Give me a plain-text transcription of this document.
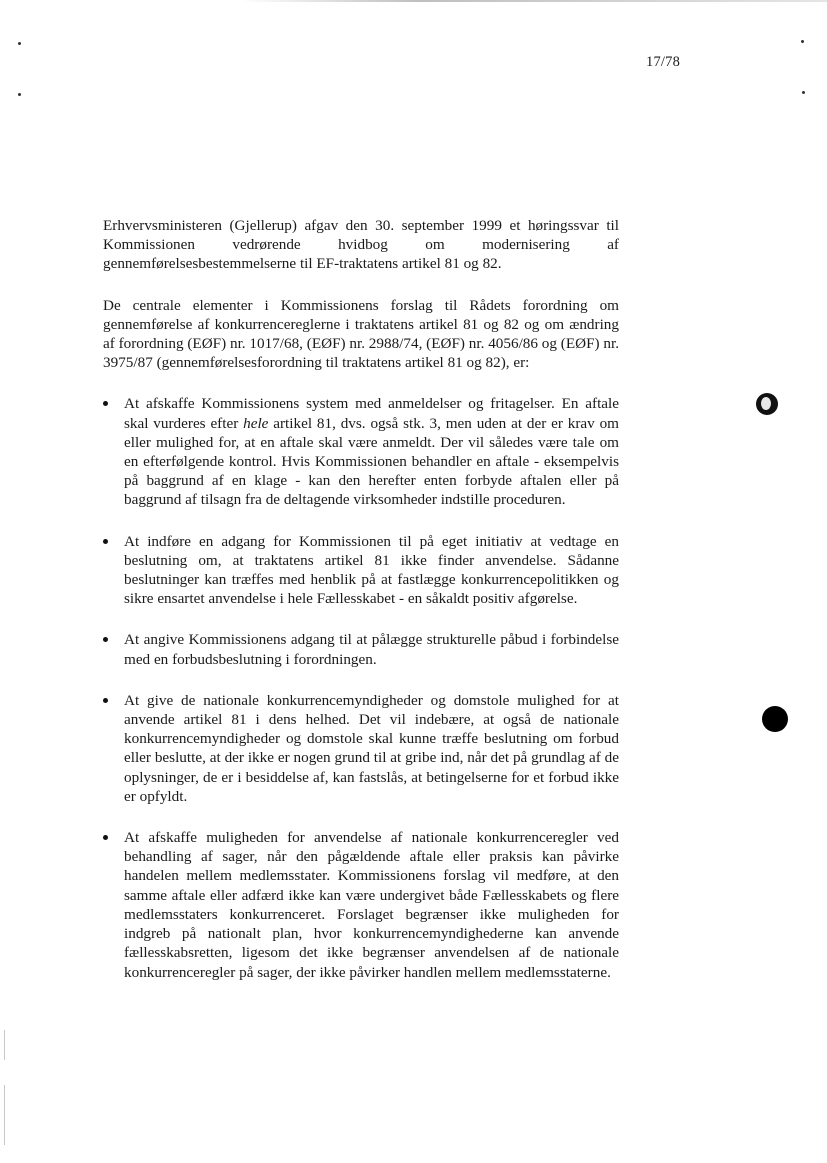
17/78

Erhvervsministeren (Gjellerup) afgav den 30. september 1999 et høringssvar til Kommissionen vedrørende hvidbog om modernisering af gennemførelsesbestemmelserne til EF-traktatens artikel 81 og 82.

De centrale elementer i Kommissionens forslag til Rådets forordning om gennemførelse af konkurrencereglerne i traktatens artikel 81 og 82 og om ændring af forordning (EØF) nr. 1017/68, (EØF) nr. 2988/74, (EØF) nr. 4056/86 og (EØF) nr. 3975/87 (gennemførelsesforordning til traktatens artikel 81 og 82), er:

At afskaffe Kommissionens system med anmeldelser og fritagelser. En aftale skal vurderes efter hele artikel 81, dvs. også stk. 3, men uden at der er krav om eller mulighed for, at en aftale skal være anmeldt. Der vil således være tale om en efterfølgende kontrol. Hvis Kommissionen behandler en aftale - eksempelvis på baggrund af en klage - kan den herefter enten forbyde aftalen eller på baggrund af tilsagn fra de deltagende virksomheder indstille proceduren.
At indføre en adgang for Kommissionen til på eget initiativ at vedtage en beslutning om, at traktatens artikel 81 ikke finder anvendelse. Sådanne beslutninger kan træffes med henblik på at fastlægge konkurrencepolitikken og sikre ensartet anvendelse i hele Fællesskabet - en såkaldt positiv afgørelse.
At angive Kommissionens adgang til at pålægge strukturelle påbud i forbindelse med en forbudsbeslutning i forordningen.
At give de nationale konkurrencemyndigheder og domstole mulighed for at anvende artikel 81 i dens helhed. Det vil indebære, at også de nationale konkurrencemyndigheder og domstole skal kunne træffe beslutning om forbud eller beslutte, at der ikke er nogen grund til at gribe ind, når det på grundlag af de oplysninger, de er i besiddelse af, kan fastslås, at betingelserne for et forbud ikke er opfyldt.
At afskaffe muligheden for anvendelse af nationale konkurrenceregler ved behandling af sager, når den pågældende aftale eller praksis kan påvirke handelen mellem medlemsstater. Kommissionens forslag vil medføre, at den samme aftale eller adfærd ikke kan være undergivet både Fællesskabets og flere medlemsstaters konkurrenceret. Forslaget begrænser ikke muligheden for indgreb på nationalt plan, hvor konkurrencemyndighederne kan anvende fællesskabsretten, ligesom det ikke begrænser anvendelsen af de nationale konkurrenceregler på sager, der ikke påvirker handlen mellem medlemsstaterne.
